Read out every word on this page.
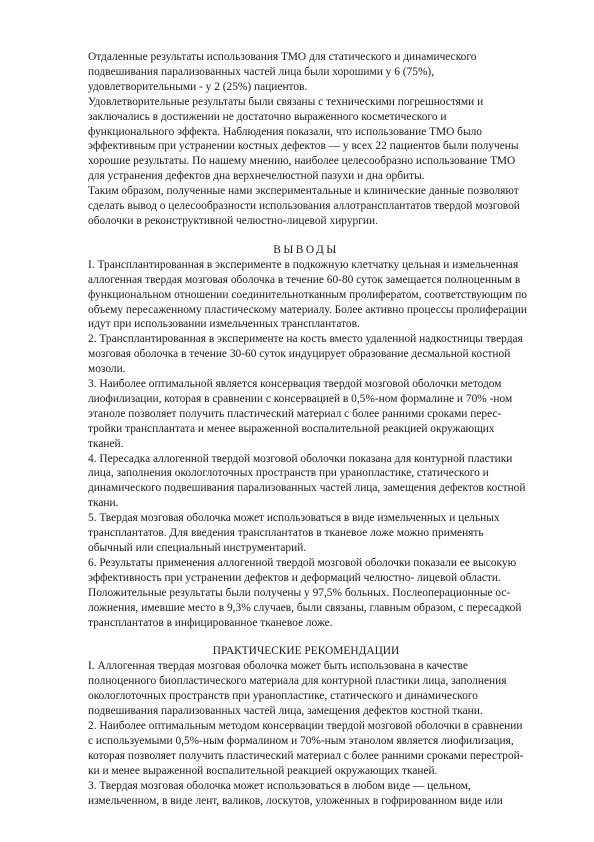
Отдаленные результаты использования ТМО для статического и динамического
подвешивания парализованных частей лица были хорошими у 6 (75%),
удовлетворительными - у 2 (25%) пациентов.
Удовлетворительные результаты были связаны с техническими погрешностями и
заключались в достижении не достаточно выраженного косметического и
функционального эффекта. Наблюдения показали, что использование ТМО было
эффективным при устранении костных дефектов — у всех 22 пациентов были получены
хорошие результаты. По нашему мнению, наиболее целесообразно использование ТМО
для устранения дефектов дна верхнечелюстной пазухи и дна орбиты.
Таким образом, полученные нами экспериментальные и клинические данные позволяют
сделать вывод о целесообразности использования аллотрансплантатов твердой мозговой
оболочки в реконструктивной челюстно-лицевой хирургии.
ВЫВОДЫ
I. Трансплантированная в эксперименте в подкожную клетчатку цельная и измельченная
аллогенная твердая мозговая оболочка в течение 60-80 суток замещается полноценным в
функциональном отношении соединительнотканным пролифератом, соответствующим по
объему пересаженному пластическому материалу. Более активно процессы пролиферации
идут при использовании измельченных трансплантатов.
2. Трансплантированная в эксперименте на кость вместо удаленной надкостницы твердая
мозговая оболочка в течение 30-60 суток индуцирует образование десмальной костной
мозоли.
3. Наиболее оптимальной является консервация твердой мозговой оболочки методом
лиофилизации, которая в сравнении с консервацией в 0,5%-ном формалине и 70% -ном
этаноле позволяет получить пластический материал с более ранними сроками перес-
тройки трансплантата и менее выраженной воспалительной реакцией окружающих
тканей.
4. Пересадка аллогенной твердой мозговой оболочки показана для контурной пластики
лица, заполнения окологлоточных пространств при уранопластике, статического и
динамического подвешивания парализованных частей лица, замещения дефектов костной
ткани.
5. Твердая мозговая оболочка может использоваться в виде измельченных и цельных
трансплантатов. Для введения трансплантатов в тканевое ложе можно применять
обычный или специальный инструментарий.
6. Результаты применения аллогенной твердой мозговой оболочки показали ее высокую
эффективность при устранении дефектов и деформаций челюстно- лицевой области.
Положительные результаты были получены у 97,5% больных. Послеоперационные ос-
ложнения, имевшие место в 9,3% случаев, были связаны, главным образом, с пересадкой
трансплантатов в инфицированное тканевое ложе.
ПРАКТИЧЕСКИЕ РЕКОМЕНДАЦИИ
I. Аллогенная твердая мозговая оболочка может быть использована в качестве
полноценного биопластического материала для контурной пластики лица, заполнения
окологлоточных пространств при уранопластике, статического и динамического
подвешивания парализованных частей лица, замещения дефектов костной ткани.
2. Наиболее оптимальным методом консервации твердой мозговой оболочки в сравнении
с используемыми 0,5%-ным формалином и 70%-ным этанолом является лиофилизация,
которая позволяет получить пластический материал с более ранними сроками перестрой-
ки и менее выраженной воспалительной реакцией окружающих тканей.
3. Твердая мозговая оболочка может использоваться в любом виде — цельном,
измельченном, в виде лент, валиков, лоскутов, уложенных в гофрированном виде или
